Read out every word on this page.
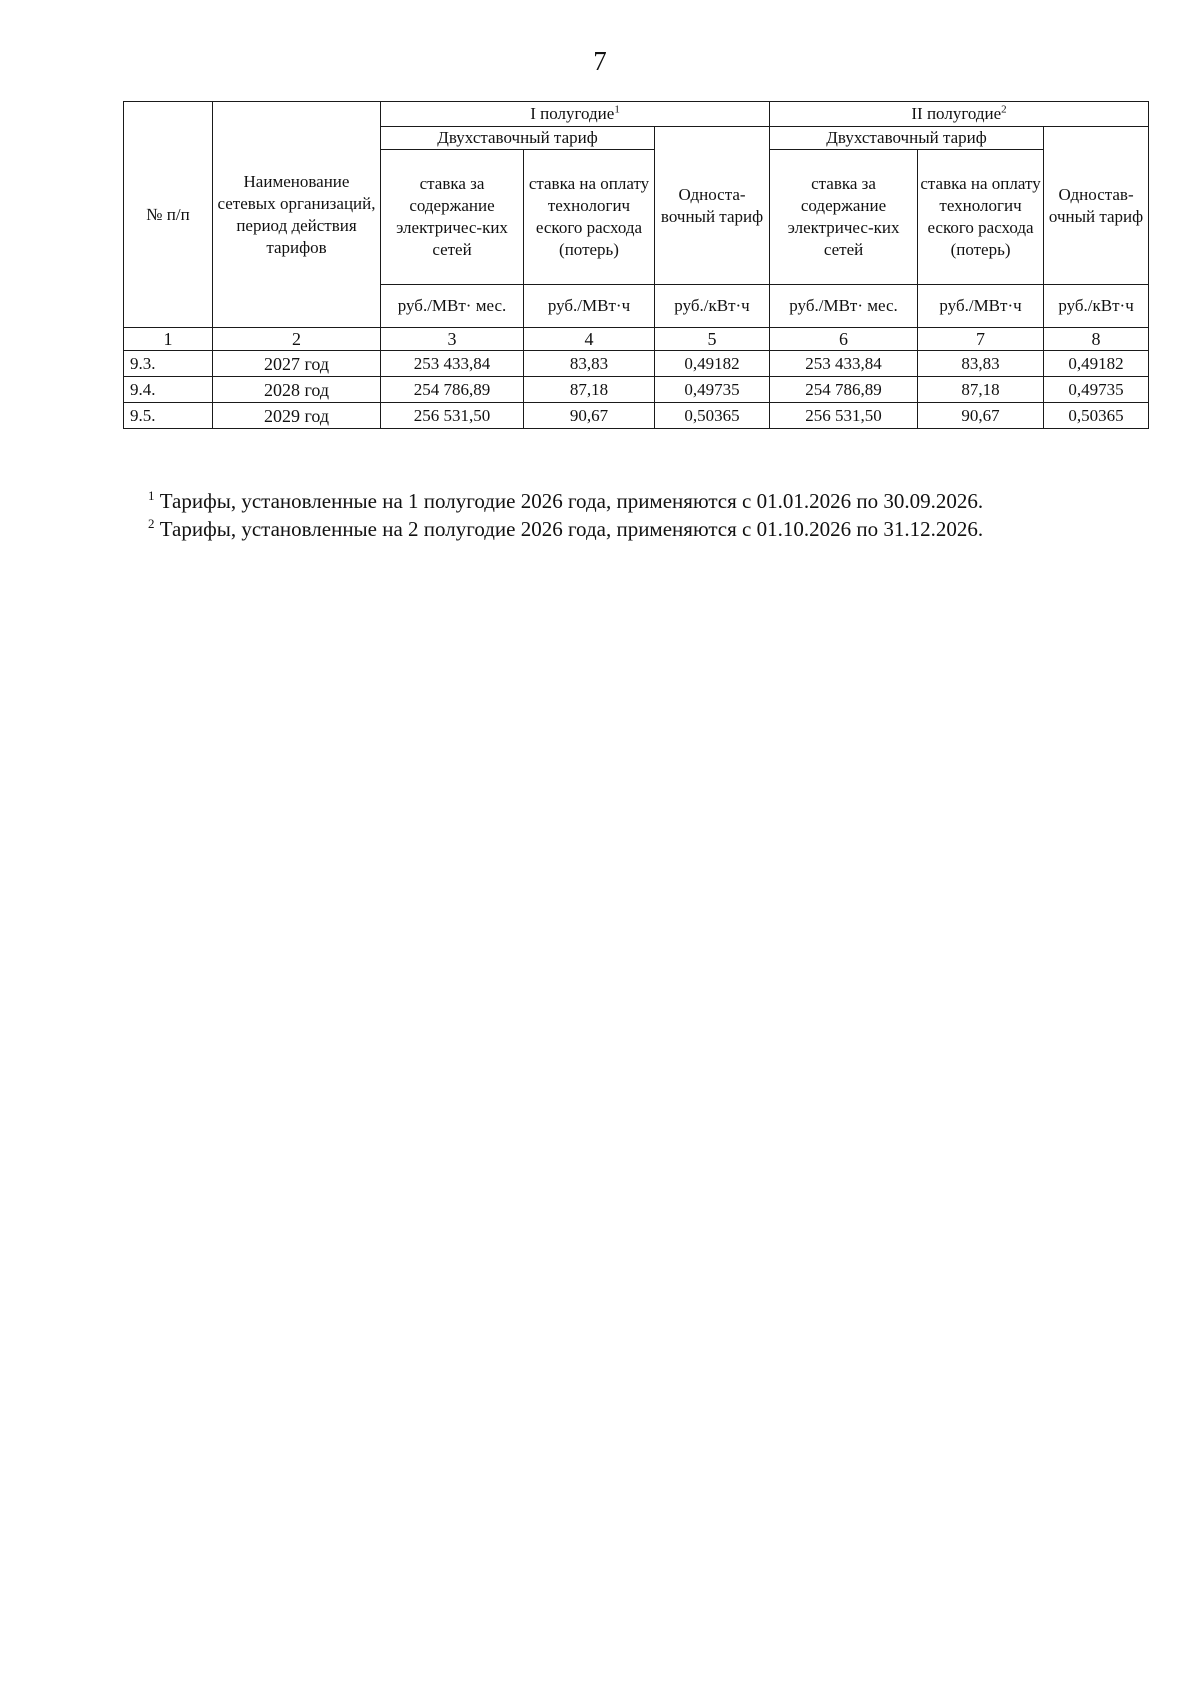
7
№ п/п	Наименование сетевых организаций, период действия тарифов	I полугодие$^1$			II полугодие$^2$
		Двухставочный тариф		Односта-вочный тариф	Двухставочный тариф		Одностав-очный тариф
		ставка за содержание электричес-ких сетей	ставка на оплату технологич еского расхода (потерь)		ставка за содержание электричес-ких сетей	ставка на оплату технологич еского расхода (потерь)	
		руб./МВт· мес.	руб./МВт·ч	руб./кВт·ч	руб./МВт· мес.	руб./МВт·ч	руб./кВт·ч
1	2	3	4	5	6	7	8
9.3.	2027 год	253 433,84	83,83	0,49182	253 433,84	83,83	0,49182
9.4.	2028 год	254 786,89	87,18	0,49735	254 786,89	87,18	0,49735
9.5.	2029 год	256 531,50	90,67	0,50365	256 531,50	90,67	0,50365
$^1$ Тарифы, установленные на 1 полугодие 2026 года, применяются с 01.01.2026 по 30.09.2026.
$^2$ Тарифы, установленные на 2 полугодие 2026 года, применяются с 01.10.2026 по 31.12.2026.
